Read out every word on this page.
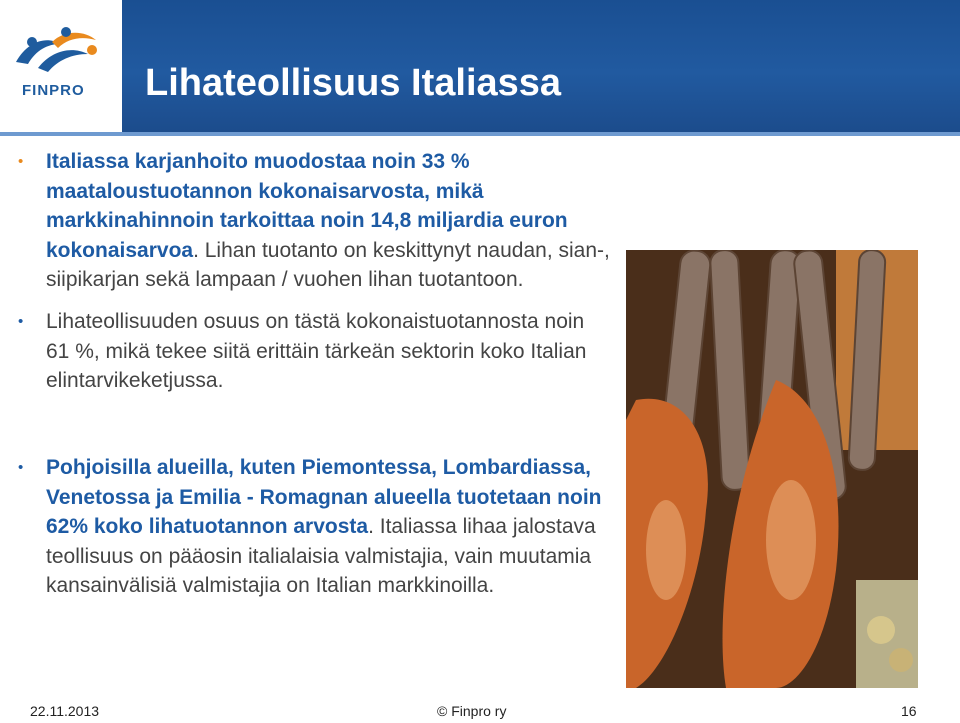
FINPRO Lihateollisuus Italiassa
• Italiassa karjanhoito muodostaa noin 33 % maataloustuotannon kokonaisarvosta, mikä markkinahinnoin tarkoittaa noin 14,8 miljardia euron kokonaisarvoa. Lihan tuotanto on keskittynyt naudan, sian-, siipikarjan sekä lampaan / vuohen lihan tuotantoon.
• Lihateollisuuden osuus on tästä kokonaistuotannosta noin 61 %, mikä tekee siitä erittäin tärkeän sektorin koko Italian elintarvikeketjussa.
• Pohjoisilla alueilla, kuten Piemontessa, Lombardiassa, Venetossa ja Emilia - Romagnan alueella tuotetaan noin 62% koko lihatuotannon arvosta. Italiassa lihaa jalostava teollisuus on pääosin italialaisia valmistajia, vain muutamia kansainvälisiä valmistajia on Italian markkinoilla.
22.11.2013	© Finpro ry	16
